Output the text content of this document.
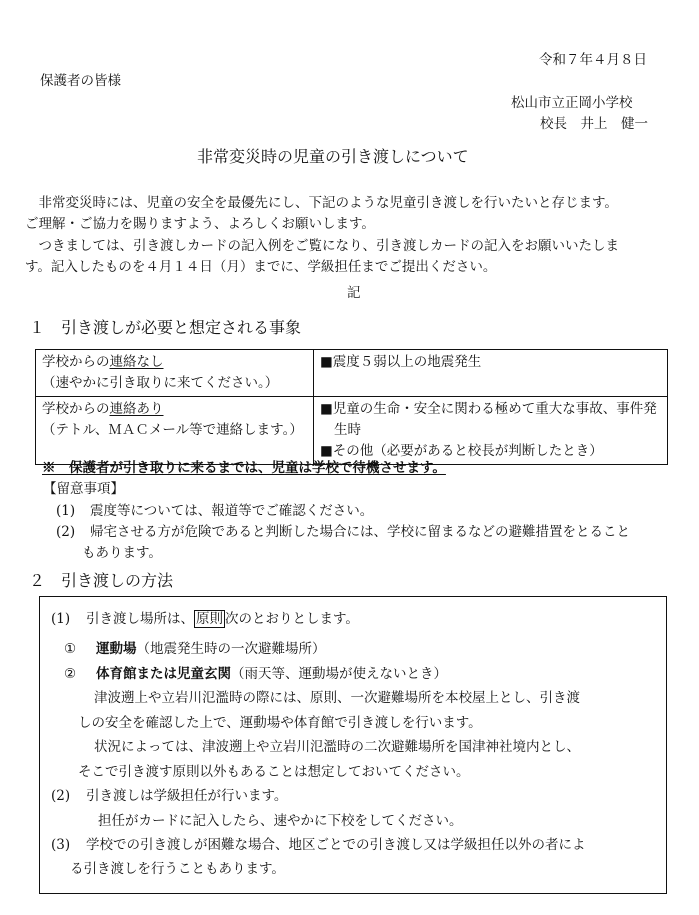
令和７年４月８日
保護者の皆様
松山市立正岡小学校
校長　井上　健一
非常変災時の児童の引き渡しについて
　非常変災時には、児童の安全を最優先にし、下記のような児童引き渡しを行いたいと存じます。
ご理解・ご協力を賜りますよう、よろしくお願いします。
　つきましては、引き渡しカードの記入例をご覧になり、引き渡しカードの記入をお願いいたしま
す。記入したものを４月１４日（月）までに、学級担任までご提出ください。
記
１　引き渡しが必要と想定される事象
学校からの連絡なし
（速やかに引き取りに来てください。）	■震度５弱以上の地震発生

学校からの連絡あり
（テトル、ＭＡＣメール等で連絡します。）	■児童の生命・安全に関わる極めて重大な事故、事件発生時
■その他（必要があると校長が判断したとき）
※　保護者が引き取りに来るまでは、児童は学校で待機させます。
【留意事項】
(1) 震度等については、報道等でご確認ください。
(2) 帰宅させる方が危険であると判断した場合には、学校に留まるなどの避難措置をとること
もあります。
２　引き渡しの方法
(1) 引き渡し場所は、 原則 次のとおりとします。
① 運動場（地震発生時の一次避難場所）
② 体育館または児童玄関（雨天等、運動場が使えないとき）
津波遡上や立岩川氾濫時の際には、原則、一次避難場所を本校屋上とし、引き渡
しの安全を確認した上で、運動場や体育館で引き渡しを行います。
状況によっては、津波遡上や立岩川氾濫時の二次避難場所を国津神社境内とし、
そこで引き渡す原則以外もあることは想定しておいてください。
(2) 引き渡しは学級担任が行います。
担任がカードに記入したら、速やかに下校をしてください。
(3) 学校での引き渡しが困難な場合、地区ごとでの引き渡し又は学級担任以外の者によ
る引き渡しを行うこともあります。
